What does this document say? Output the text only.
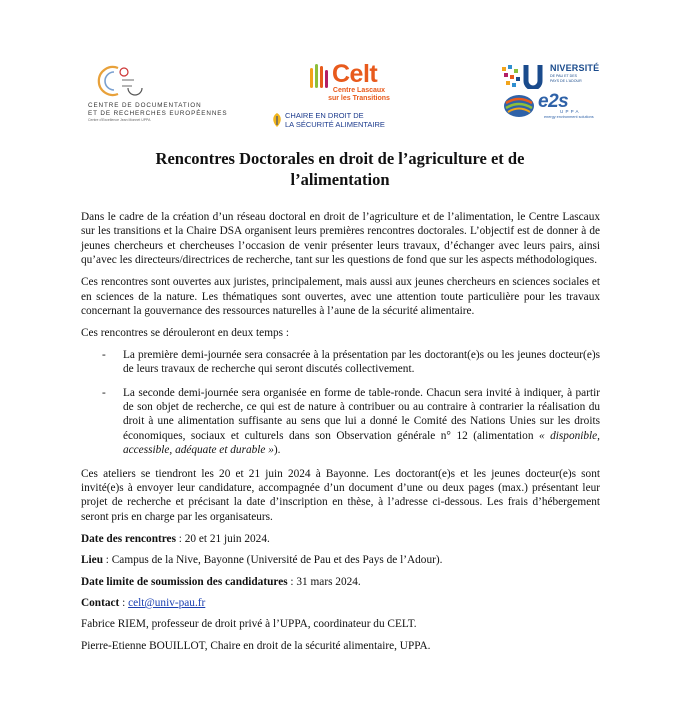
CENTRE DE DOCUMENTATION
ET DE RECHERCHES EUROPÉENNES
Centre d'Excellence Jean Monnet UPPA
Celt
Centre Lascaux
sur les Transitions
CHAIRE EN DROIT DE
LA SÉCURITÉ ALIMENTAIRE
NIVERSITÉ
DE PAU ET DES
PAYS DE L'ADOUR
e2s
UPPA
energy environment solutions
Rencontres Doctorales en droit de l’agriculture et de l’alimentation

Dans le cadre de la création d’un réseau doctoral en droit de l’agriculture et de l’alimentation, le Centre Lascaux sur les transitions et la Chaire DSA organisent leurs premières rencontres doctorales. L’objectif est de donner à de jeunes chercheurs et chercheuses l’occasion de venir présenter leurs travaux, d’échanger avec leurs pairs, ainsi qu’avec les directeurs/directrices de recherche, tant sur les questions de fond que sur les aspects méthodologiques.

Ces rencontres sont ouvertes aux juristes, principalement, mais aussi aux jeunes chercheurs en sciences sociales et en sciences de la nature. Les thématiques sont ouvertes, avec une attention toute particulière pour les travaux concernant la gouvernance des ressources naturelles à l’aune de la sécurité alimentaire.

Ces rencontres se dérouleront en deux temps :

- La première demi-journée sera consacrée à la présentation par les doctorant(e)s ou les jeunes docteur(e)s de leurs travaux de recherche qui seront discutés collectivement.
- La seconde demi-journée sera organisée en forme de table-ronde. Chacun sera invité à indiquer, à partir de son objet de recherche, ce qui est de nature à contribuer ou au contraire à contrarier la réalisation du droit à une alimentation suffisante au sens que lui a donné le Comité des Nations Unies sur les droits économiques, sociaux et culturels dans son Observation générale n° 12 (alimentation « disponible, accessible, adéquate et durable »).

Ces ateliers se tiendront les 20 et 21 juin 2024 à Bayonne. Les doctorant(e)s et les jeunes docteur(e)s sont invité(e)s à envoyer leur candidature, accompagnée d’un document d’une ou deux pages (max.) présentant leur projet de recherche et précisant la date d’inscription en thèse, à l’adresse ci-dessous. Les frais d’hébergement seront pris en charge par les organisateurs.

Date des rencontres : 20 et 21 juin 2024.
Lieu : Campus de la Nive, Bayonne (Université de Pau et des Pays de l’Adour).
Date limite de soumission des candidatures : 31 mars 2024.
Contact : celt@univ-pau.fr
Fabrice RIEM, professeur de droit privé à l’UPPA, coordinateur du CELT.
Pierre-Etienne BOUILLOT, Chaire en droit de la sécurité alimentaire, UPPA.
